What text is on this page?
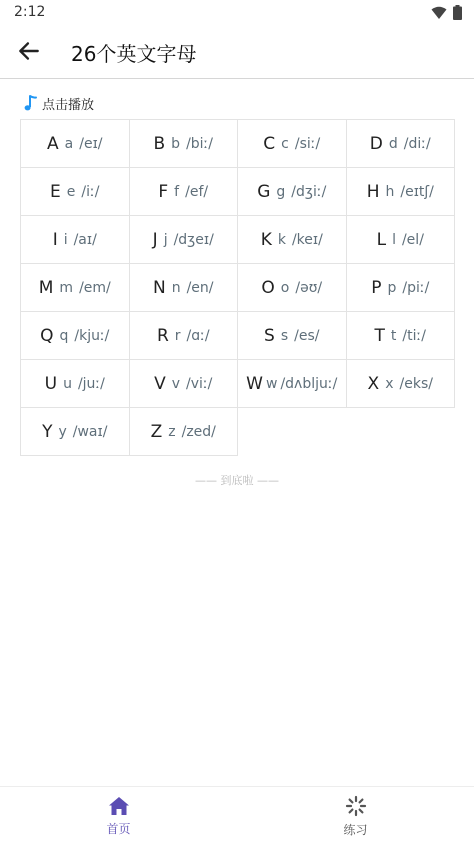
2:12
26个英文字母
点击播放
A a /eɪ/	B b /biː/	C c /siː/	D d /diː/
E e /iː/	F f /ef/	G g /dʒiː/ H h /eɪtʃ/
I i /aɪ/	J j /dʒeɪ/	K k /keɪ/	L l /el/
M m /em/ N n /en/	O o /əʊ/	P p /piː/
Q q /kjuː/	R r /ɑː/	S s /es/	T t /tiː/
U u /juː/	V v /viː/ W w /dʌbljuː/ X x /eks/
Y y /waɪ/	Z z /zed/
—— 到底啦 ——
首页	练习
